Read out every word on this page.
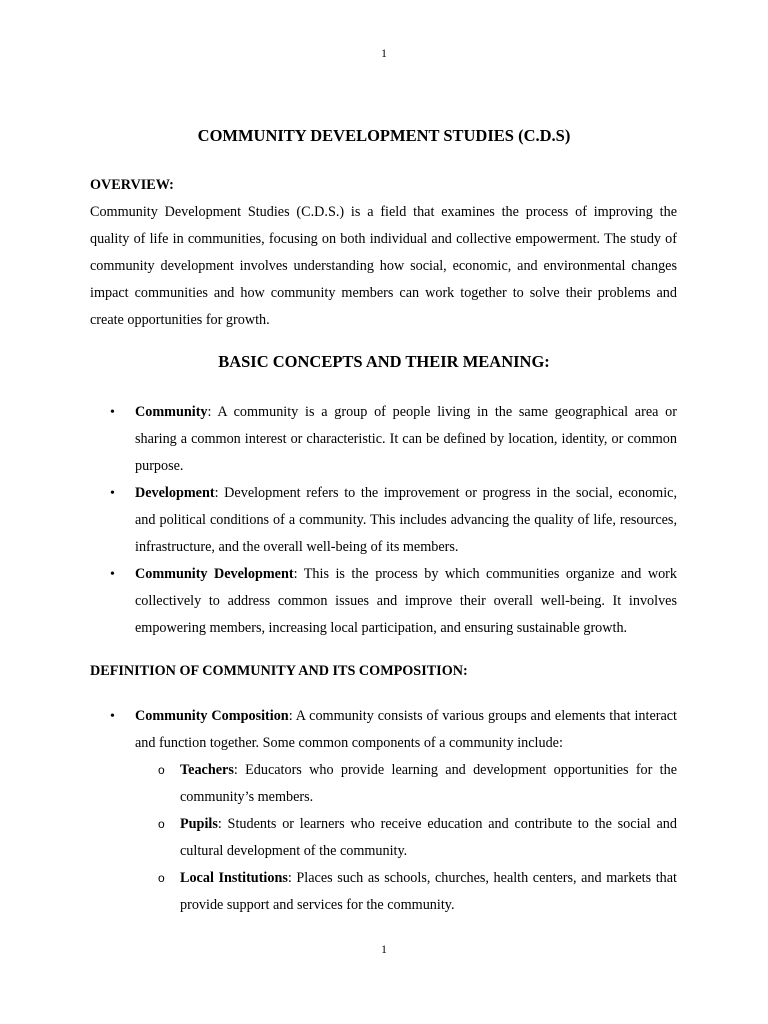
1
COMMUNITY DEVELOPMENT STUDIES (C.D.S)
OVERVIEW:
Community Development Studies (C.D.S.) is a field that examines the process of improving the quality of life in communities, focusing on both individual and collective empowerment. The study of community development involves understanding how social, economic, and environmental changes impact communities and how community members can work together to solve their problems and create opportunities for growth.
BASIC CONCEPTS AND THEIR MEANING:
• Community: A community is a group of people living in the same geographical area or sharing a common interest or characteristic. It can be defined by location, identity, or common purpose.
• Development: Development refers to the improvement or progress in the social, economic, and political conditions of a community. This includes advancing the quality of life, resources, infrastructure, and the overall well-being of its members.
• Community Development: This is the process by which communities organize and work collectively to address common issues and improve their overall well-being. It involves empowering members, increasing local participation, and ensuring sustainable growth.
DEFINITION OF COMMUNITY AND ITS COMPOSITION:
• Community Composition: A community consists of various groups and elements that interact and function together. Some common components of a community include:
o Teachers: Educators who provide learning and development opportunities for the community’s members.
o Pupils: Students or learners who receive education and contribute to the social and cultural development of the community.
o Local Institutions: Places such as schools, churches, health centers, and markets that provide support and services for the community.
1
